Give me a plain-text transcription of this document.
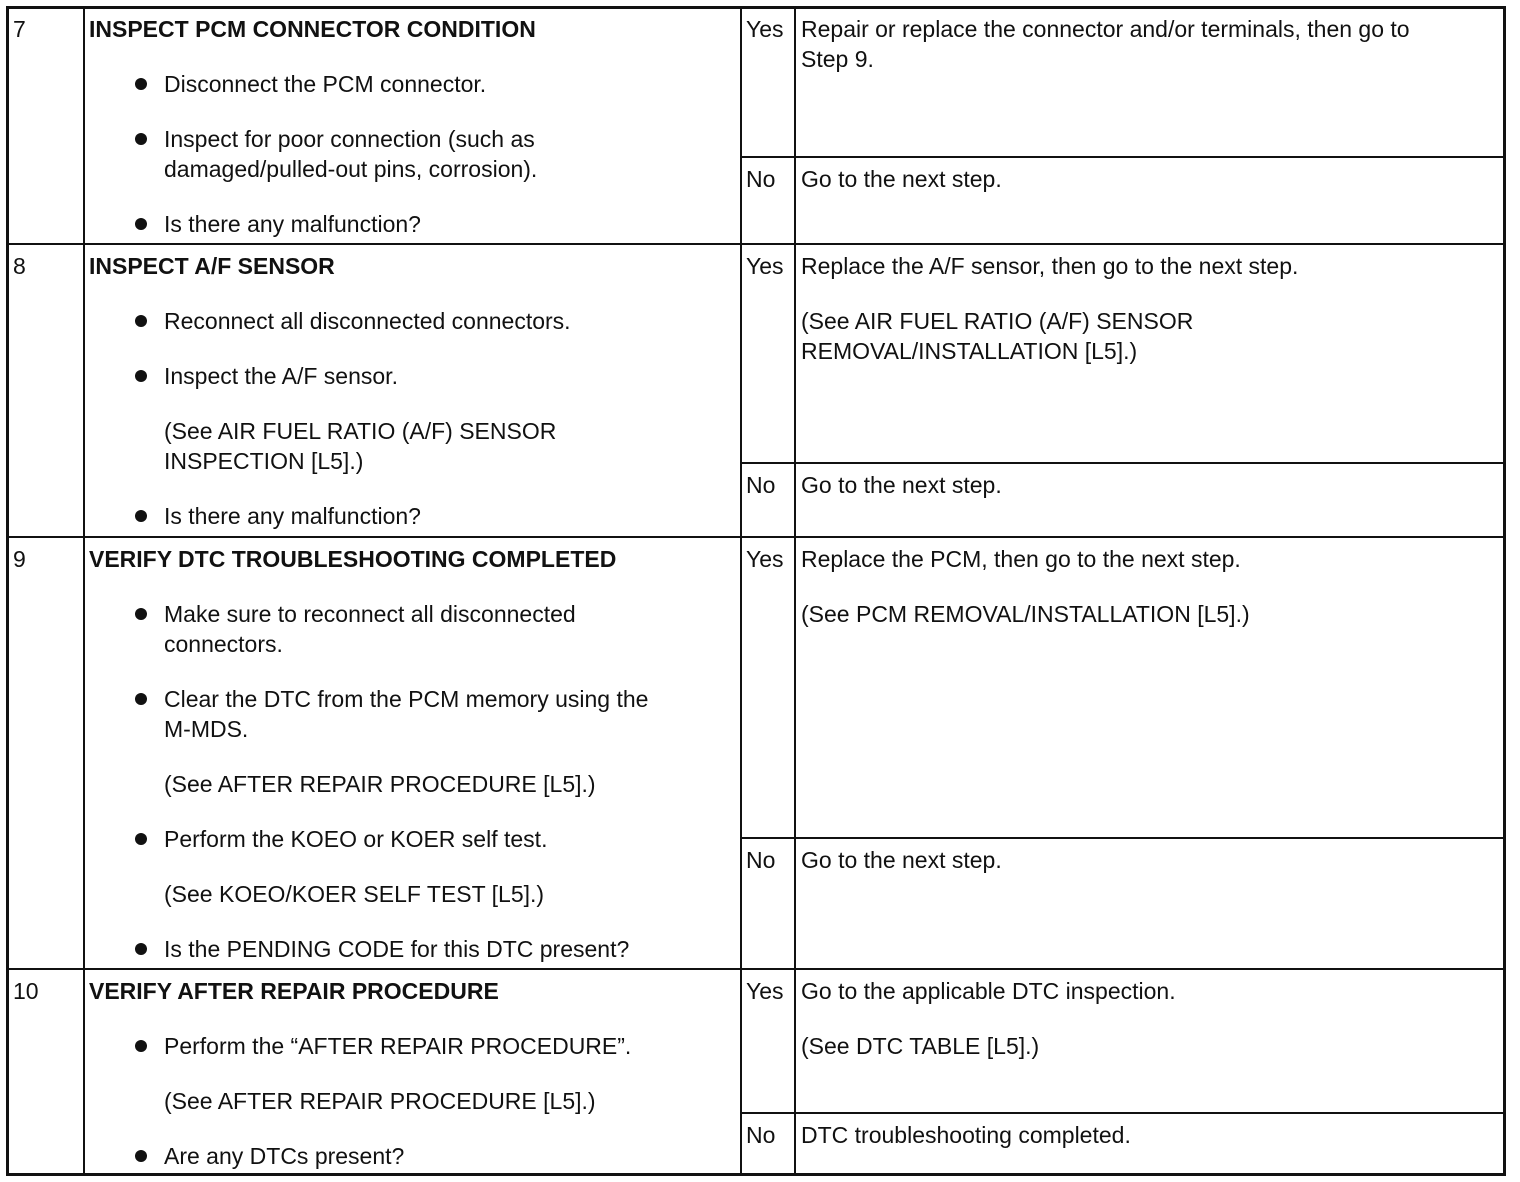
7	INSPECT PCM CONNECTOR CONDITION
Disconnect the PCM connector.
Inspect for poor connection (such as
damaged/pulled-out pins, corrosion).
Is there any malfunction?
Yes Repair or replace the connector and/or terminals, then go to
Step 9.
No Go to the next step.
8	INSPECT A/F SENSOR
Reconnect all disconnected connectors.
Inspect the A/F sensor.
(See AIR FUEL RATIO (A/F) SENSOR
INSPECTION [L5].)
Is there any malfunction?
Yes Replace the A/F sensor, then go to the next step.
(See AIR FUEL RATIO (A/F) SENSOR
REMOVAL/INSTALLATION [L5].)
No Go to the next step.
9	VERIFY DTC TROUBLESHOOTING COMPLETED
Make sure to reconnect all disconnected
connectors.
Clear the DTC from the PCM memory using the
M-MDS.
(See AFTER REPAIR PROCEDURE [L5].)
Perform the KOEO or KOER self test.
(See KOEO/KOER SELF TEST [L5].)
Is the PENDING CODE for this DTC present?
Yes Replace the PCM, then go to the next step.
(See PCM REMOVAL/INSTALLATION [L5].)
No Go to the next step.
10 VERIFY AFTER REPAIR PROCEDURE
Perform the “AFTER REPAIR PROCEDURE”.
(See AFTER REPAIR PROCEDURE [L5].)
Are any DTCs present?
Yes Go to the applicable DTC inspection.
(See DTC TABLE [L5].)
No DTC troubleshooting completed.
